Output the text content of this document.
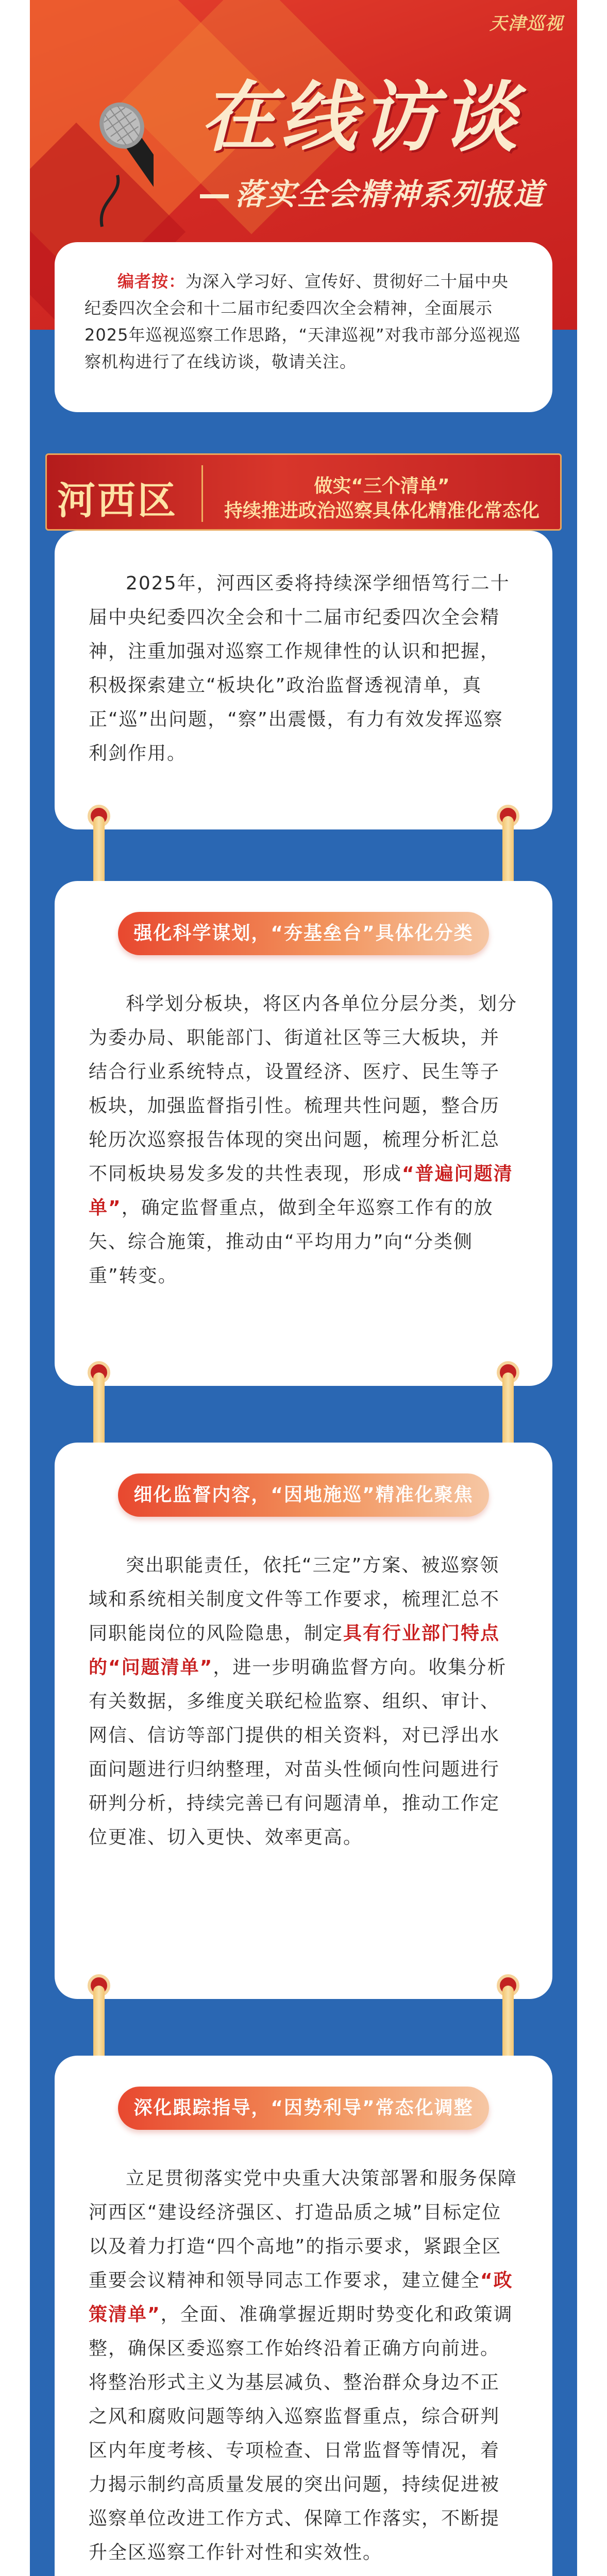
天津巡视
在线访谈
落实全会精神系列报道

编者按：为深入学习好、宣传好、贯彻好二十届中央纪委四次全会和十二届市纪委四次全会精神，全面展示2025年巡视巡察工作思路，“天津巡视”对我市部分巡视巡察机构进行了在线访谈，敬请关注。

河西区	做实“三个清单”
持续推进政治巡察具体化精准化常态化

2025年，河西区委将持续深学细悟笃行二十届中央纪委四次全会和十二届市纪委四次全会精神，注重加强对巡察工作规律性的认识和把握，积极探索建立“板块化”政治监督透视清单，真正“巡”出问题，“察”出震慑，有力有效发挥巡察利剑作用。

强化科学谋划，“夯基垒台”具体化分类

科学划分板块，将区内各单位分层分类，划分为委办局、职能部门、街道社区等三大板块，并结合行业系统特点，设置经济、医疗、民生等子板块，加强监督指引性。梳理共性问题，整合历轮历次巡察报告体现的突出问题，梳理分析汇总不同板块易发多发的共性表现，形成“普遍问题清单”，确定监督重点，做到全年巡察工作有的放矢、综合施策，推动由“平均用力”向“分类侧重”转变。

细化监督内容，“因地施巡”精准化聚焦

突出职能责任，依托“三定”方案、被巡察领域和系统相关制度文件等工作要求，梳理汇总不同职能岗位的风险隐患，制定具有行业部门特点的“问题清单”，进一步明确监督方向。收集分析有关数据，多维度关联纪检监察、组织、审计、网信、信访等部门提供的相关资料，对已浮出水面问题进行归纳整理，对苗头性倾向性问题进行研判分析，持续完善已有问题清单，推动工作定位更准、切入更快、效率更高。

深化跟踪指导，“因势利导”常态化调整

立足贯彻落实党中央重大决策部署和服务保障河西区“建设经济强区、打造品质之城”目标定位以及着力打造“四个高地”的指示要求，紧跟全区重要会议精神和领导同志工作要求，建立健全“政策清单”，全面、准确掌握近期时势变化和政策调整，确保区委巡察工作始终沿着正确方向前进。将整治形式主义为基层减负、整治群众身边不正之风和腐败问题等纳入巡察监督重点，综合研判区内年度考核、专项检查、日常监督等情况，着力揭示制约高质量发展的突出问题，持续促进被巡察单位改进工作方式、保障工作落实，不断提升全区巡察工作针对性和实效性。
